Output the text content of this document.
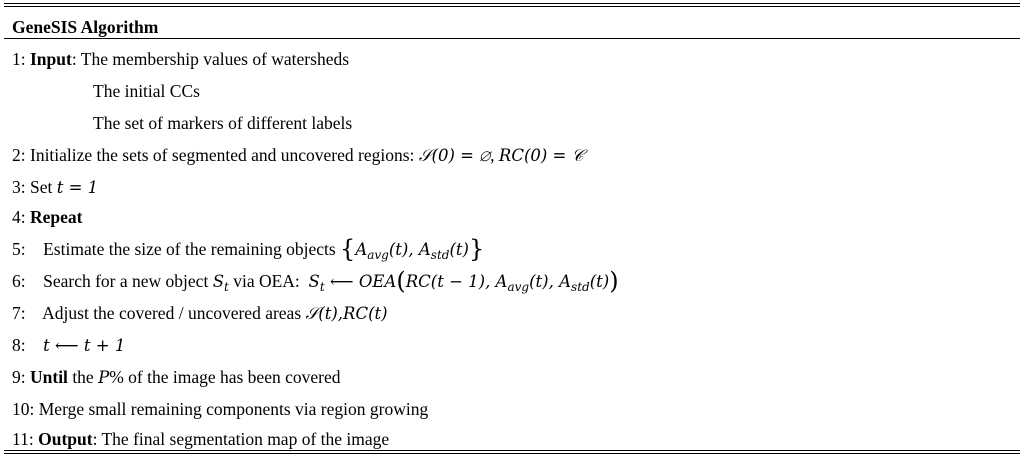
GeneSIS Algorithm
1: Input: The membership values of watersheds
The initial CCs
The set of markers of different labels
2: Initialize the sets of segmented and uncovered regions: 𝒮(0) = ∅, RC(0) = 𝒞
3: Set t = 1
4: Repeat
5:    Estimate the size of the remaining objects {$A_{avg}(t)$, $A_{std}(t)$}
6:    Search for a new object $S_t$ via OEA:  $S_t$ ⟵ OEA(RC(t − 1), $A_{avg}(t)$, $A_{std}(t)$)
7:    Adjust the covered / uncovered areas 𝒮(t),RC(t)
8:    t ⟵ t + 1
9: Until the P% of the image has been covered
10: Merge small remaining components via region growing
11: Output: The final segmentation map of the image
